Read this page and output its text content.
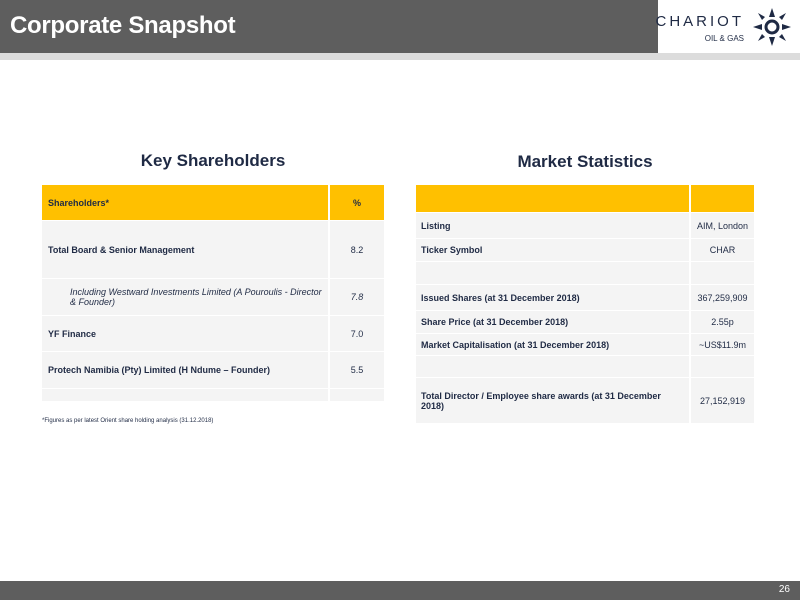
Corporate Snapshot	CHARIOT
OIL & GAS
Key Shareholders
Shareholders*	%
Total Board & Senior Management	8.2
Including Westward Investments Limited (A Pouroulis - Director & Founder)	7.8
YF Finance	7.0
Protech Namibia (Pty) Limited (H Ndume – Founder)	5.5

*Figures as per latest Orient share holding analysis (31.12.2018)
Market Statistics

Listing	AIM, London
Ticker Symbol	CHAR

Issued Shares (at 31 December 2018)	367,259,909
Share Price (at 31 December 2018)	2.55p
Market Capitalisation (at 31 December 2018)	~US$11.9m

Total Director / Employee share awards (at 31 December 2018)	27,152,919
26
